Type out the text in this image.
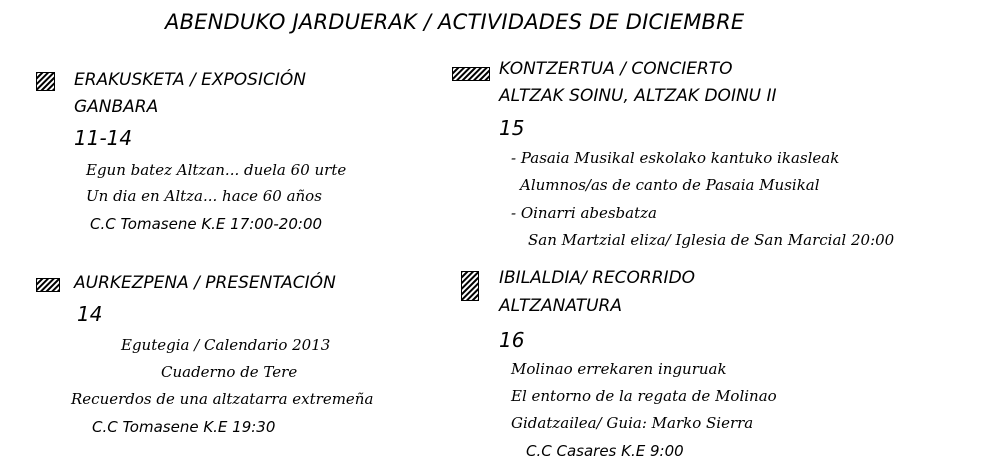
ABENDUKO JARDUERAK / ACTIVIDADES DE DICIEMBRE
ERAKUSKETA / EXPOSICIÓN
GANBARA
11-14
Egun batez Altzan... duela 60 urte
Un dia en Altza... hace 60 años
C.C Tomasene K.E 17:00-20:00
AURKEZPENA / PRESENTACIÓN
14
Egutegia / Calendario 2013
Cuaderno de Tere
Recuerdos de una altzatarra extremeña
C.C Tomasene K.E 19:30
KONTZERTUA / CONCIERTO
ALTZAK SOINU, ALTZAK DOINU II
15
- Pasaia Musikal eskolako kantuko ikasleak
Alumnos/as de canto de Pasaia Musikal
- Oinarri abesbatza
San Martzial eliza/ Iglesia de San Marcial 20:00
IBILALDIA/ RECORRIDO
ALTZANATURA
16
Molinao errekaren inguruak
El entorno de la regata de Molinao
Gidatzailea/ Guia: Marko Sierra
C.C Casares K.E 9:00
